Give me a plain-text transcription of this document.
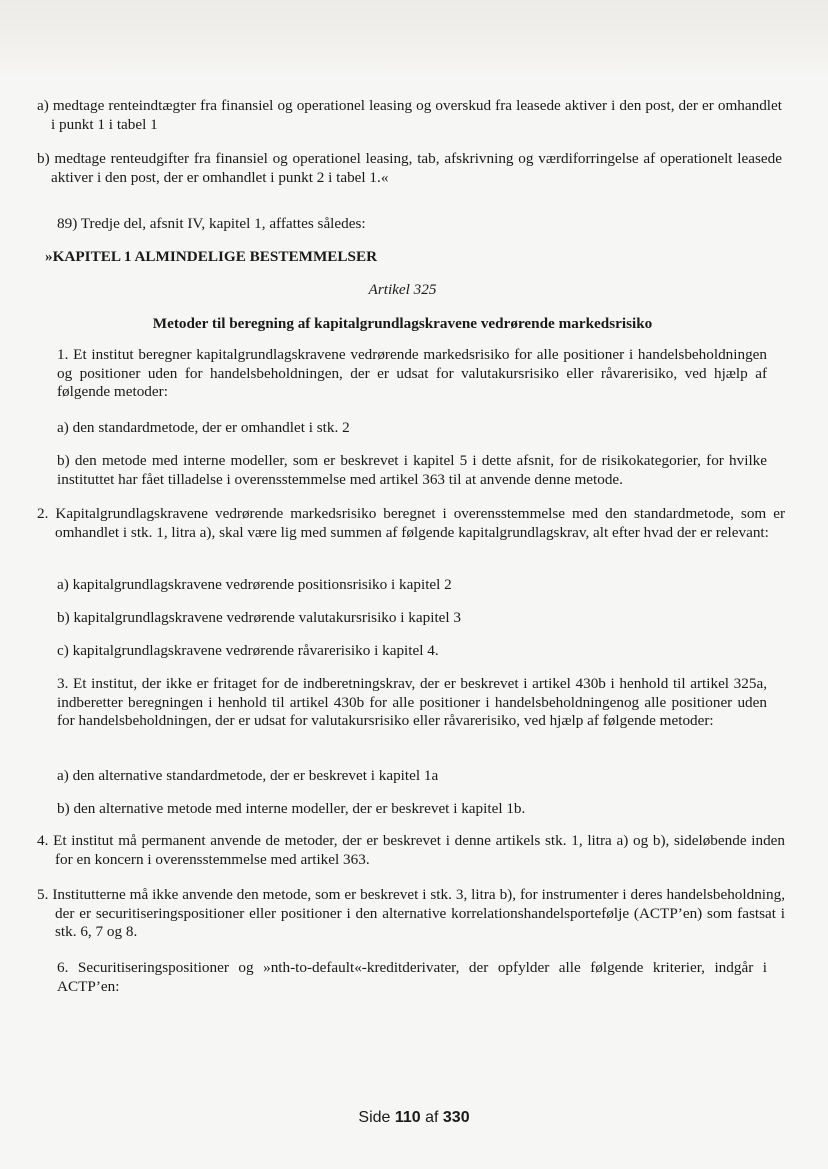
a) medtage renteindtægter fra finansiel og operationel leasing og overskud fra leasede aktiver i den post, der er omhandlet i punkt 1 i tabel 1

b) medtage renteudgifter fra finansiel og operationel leasing, tab, afskrivning og værdiforringelse af operationelt leasede aktiver i den post, der er omhandlet i punkt 2 i tabel 1.«

89) Tredje del, afsnit IV, kapitel 1, affattes således:

»KAPITEL 1 ALMINDELIGE BESTEMMELSER

Artikel 325

Metoder til beregning af kapitalgrundlagskravene vedrørende markedsrisiko

1. Et institut beregner kapitalgrundlagskravene vedrørende markedsrisiko for alle positioner i handelsbeholdningen og positioner uden for handelsbeholdningen, der er udsat for valutakursrisiko eller råvarerisiko, ved hjælp af følgende metoder:

a) den standardmetode, der er omhandlet i stk. 2

b) den metode med interne modeller, som er beskrevet i kapitel 5 i dette afsnit, for de risikokategorier, for hvilke instituttet har fået tilladelse i overensstemmelse med artikel 363 til at anvende denne metode.

2. Kapitalgrundlagskravene vedrørende markedsrisiko beregnet i overensstemmelse med den standardmetode, som er omhandlet i stk. 1, litra a), skal være lig med summen af følgende kapitalgrundlagskrav, alt efter hvad der er relevant:

a) kapitalgrundlagskravene vedrørende positionsrisiko i kapitel 2

b) kapitalgrundlagskravene vedrørende valutakursrisiko i kapitel 3

c) kapitalgrundlagskravene vedrørende råvarerisiko i kapitel 4.

3. Et institut, der ikke er fritaget for de indberetningskrav, der er beskrevet i artikel 430b i henhold til artikel 325a, indberetter beregningen i henhold til artikel 430b for alle positioner i handelsbeholdningenog alle positioner uden for handelsbeholdningen, der er udsat for valutakursrisiko eller råvarerisiko, ved hjælp af følgende metoder:

a) den alternative standardmetode, der er beskrevet i kapitel 1a

b) den alternative metode med interne modeller, der er beskrevet i kapitel 1b.

4. Et institut må permanent anvende de metoder, der er beskrevet i denne artikels stk. 1, litra a) og b), sideløbende inden for en koncern i overensstemmelse med artikel 363.

5. Institutterne må ikke anvende den metode, som er beskrevet i stk. 3, litra b), for instrumenter i deres handelsbeholdning, der er securitiseringspositioner eller positioner i den alternative korrelationshandelsporteføljе (ACTP’en) som fastsat i stk. 6, 7 og 8.

6. Securitiseringspositioner og »nth-to-default«-kreditderivater, der opfylder alle følgende kriterier, indgår i ACTP’en:

Side 110 af 330
